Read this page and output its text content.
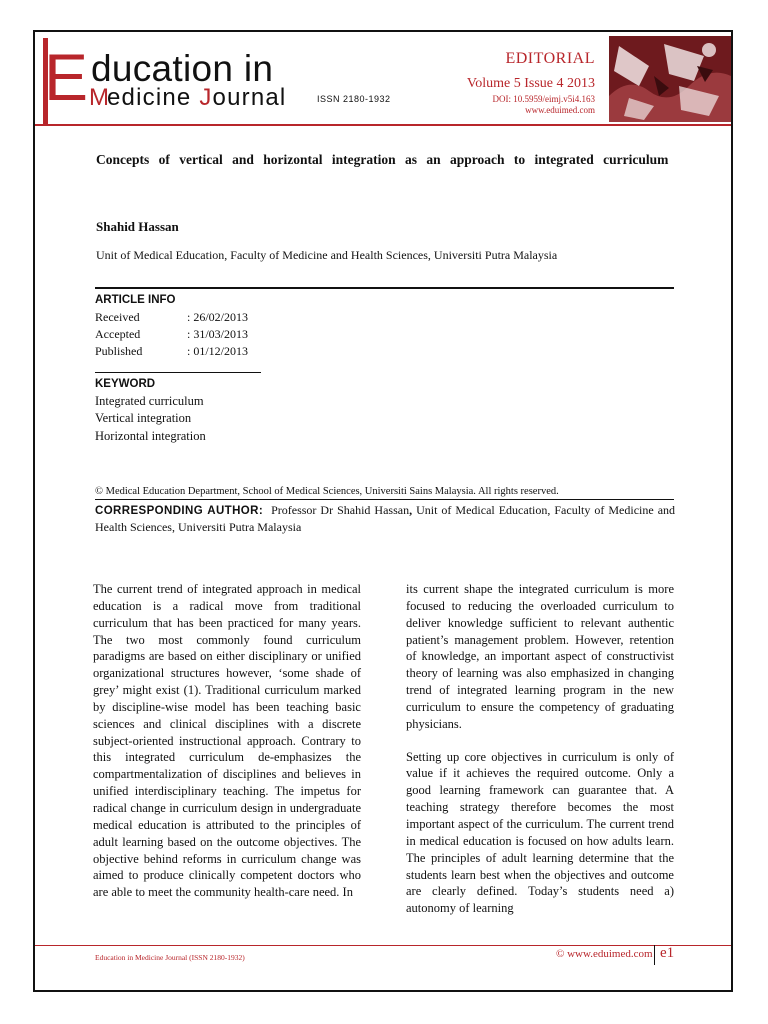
E ducation in
M
edicine Journal	ISSN 2180-1932
EDITORIAL
Volume 5 Issue 4 2013
DOI: 10.5959/eimj.v5i4.163
www.eduimed.com
Concepts of vertical and horizontal integration as an approach to integrated curriculum
Shahid Hassan
Unit of Medical Education, Faculty of Medicine and Health Sciences, Universiti Putra Malaysia
ARTICLE INFO
Received	: 26/02/2013
Accepted	: 31/03/2013
Published	: 01/12/2013
KEYWORD
Integrated curriculum
Vertical integration
Horizontal integration
© Medical Education Department, School of Medical Sciences, Universiti Sains Malaysia. All rights reserved.
CORRESPONDING AUTHOR: Professor Dr Shahid Hassan, Unit of Medical Education, Faculty of Medicine and Health Sciences, Universiti Putra Malaysia

The current trend of integrated approach in medical education is a radical move from traditional curriculum that has been practiced for many years. The two most commonly found curriculum paradigms are based on either disciplinary or unified organizational structures however, ‘some shade of grey’ might exist (1). Traditional curriculum marked by discipline-wise model has been teaching basic sciences and clinical disciplines with a discrete subject-oriented instructional approach. Contrary to this integrated curriculum de-emphasizes the compartmentalization of disciplines and believes in unified interdisciplinary teaching. The impetus for radical change in curriculum design in undergraduate medical education is attributed to the principles of adult learning based on the outcome objectives. The objective behind reforms in curriculum change was aimed to produce clinically competent doctors who are able to meet the community health-care need. In

its current shape the integrated curriculum is more focused to reducing the overloaded curriculum to deliver knowledge sufficient to relevant authentic patient’s management problem. However, retention of knowledge, an important aspect of constructivist theory of learning was also emphasized in changing trend of integrated learning program in the new curriculum to ensure the competency of graduating physicians.

Setting up core objectives in curriculum is only of value if it achieves the required outcome. Only a good learning framework can guarantee that. A teaching strategy therefore becomes the most important aspect of the curriculum. The current trend in medical education is focused on how adults learn. The principles of adult learning determine that the students learn best when the objectives and outcome are clearly defined. Today’s students need a) autonomy of learning

Education in Medicine Journal (ISSN 2180-1932)	© www.eduimed.com e1
